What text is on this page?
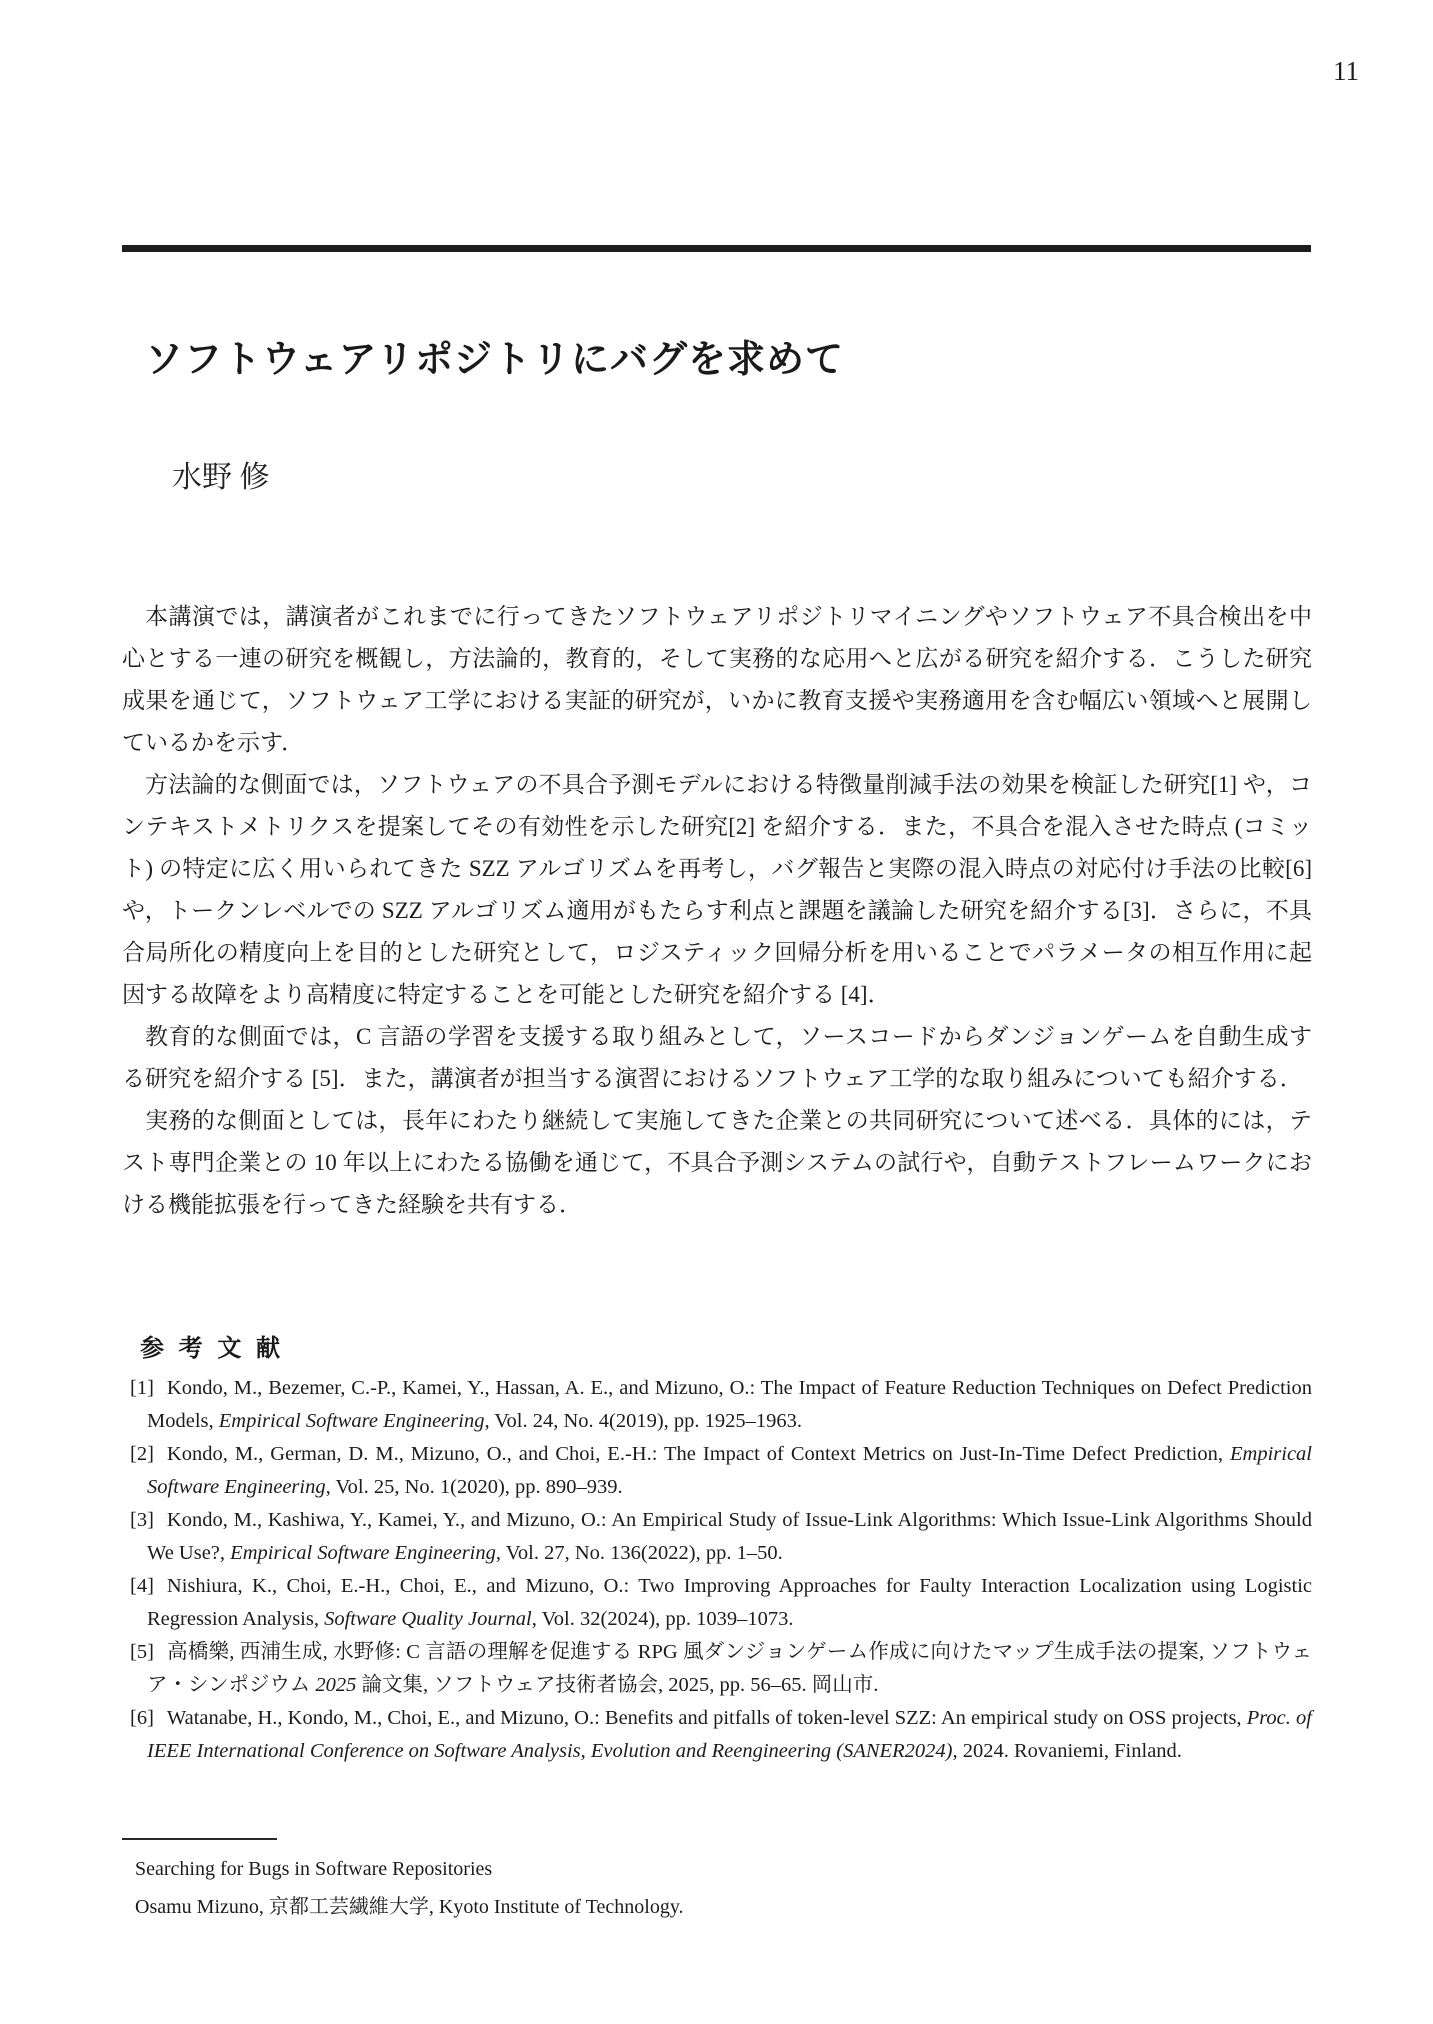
11
ソフトウェアリポジトリにバグを求めて
水野 修

本講演では，講演者がこれまでに行ってきたソフトウェアリポジトリマイニングやソフトウェア不具合検出を中心とする一連の研究を概観し，方法論的，教育的，そして実務的な応用へと広がる研究を紹介する．こうした研究成果を通じて，ソフトウェア工学における実証的研究が，いかに教育支援や実務適用を含む幅広い領域へと展開しているかを示す．

方法論的な側面では，ソフトウェアの不具合予測モデルにおける特徴量削減手法の効果を検証した研究[1] や，コンテキストメトリクスを提案してその有効性を示した研究[2] を紹介する．また，不具合を混入させた時点 (コミット) の特定に広く用いられてきた SZZ アルゴリズムを再考し，バグ報告と実際の混入時点の対応付け手法の比較[6] や，トークンレベルでの SZZ アルゴリズム適用がもたらす利点と課題を議論した研究を紹介する[3]．さらに，不具合局所化の精度向上を目的とした研究として，ロジスティック回帰分析を用いることでパラメータの相互作用に起因する故障をより高精度に特定することを可能とした研究を紹介する [4]．

教育的な側面では，C 言語の学習を支援する取り組みとして，ソースコードからダンジョンゲームを自動生成する研究を紹介する [5]．また，講演者が担当する演習におけるソフトウェア工学的な取り組みについても紹介する．

実務的な側面としては，長年にわたり継続して実施してきた企業との共同研究について述べる．具体的には，テスト専門企業との 10 年以上にわたる協働を通じて，不具合予測システムの試行や，自動テストフレームワークにおける機能拡張を行ってきた経験を共有する．

参 考 文 献
[1] Kondo, M., Bezemer, C.-P., Kamei, Y., Hassan, A. E., and Mizuno, O.: The Impact of Feature Reduction Techniques on Defect Prediction Models, Empirical Software Engineering, Vol. 24, No. 4(2019), pp. 1925–1963.
[2] Kondo, M., German, D. M., Mizuno, O., and Choi, E.-H.: The Impact of Context Metrics on Just-In-Time Defect Prediction, Empirical Software Engineering, Vol. 25, No. 1(2020), pp. 890–939.
[3] Kondo, M., Kashiwa, Y., Kamei, Y., and Mizuno, O.: An Empirical Study of Issue-Link Algorithms: Which Issue-Link Algorithms Should We Use?, Empirical Software Engineering, Vol. 27, No. 136(2022), pp. 1–50.
[4] Nishiura, K., Choi, E.-H., Choi, E., and Mizuno, O.: Two Improving Approaches for Faulty Interaction Localization using Logistic Regression Analysis, Software Quality Journal, Vol. 32(2024), pp. 1039–1073.
[5] 高橋樂, 西浦生成, 水野修: C 言語の理解を促進する RPG 風ダンジョンゲーム作成に向けたマップ生成手法の提案, ソフトウェア・シンポジウム 2025 論文集, ソフトウェア技術者協会, 2025, pp. 56–65. 岡山市.
[6] Watanabe, H., Kondo, M., Choi, E., and Mizuno, O.: Benefits and pitfalls of token-level SZZ: An empirical study on OSS projects, Proc. of IEEE International Conference on Software Analysis, Evolution and Reengineering (SANER2024), 2024. Rovaniemi, Finland.
Searching for Bugs in Software Repositories
Osamu Mizuno, 京都工芸繊維大学, Kyoto Institute of Technology.
